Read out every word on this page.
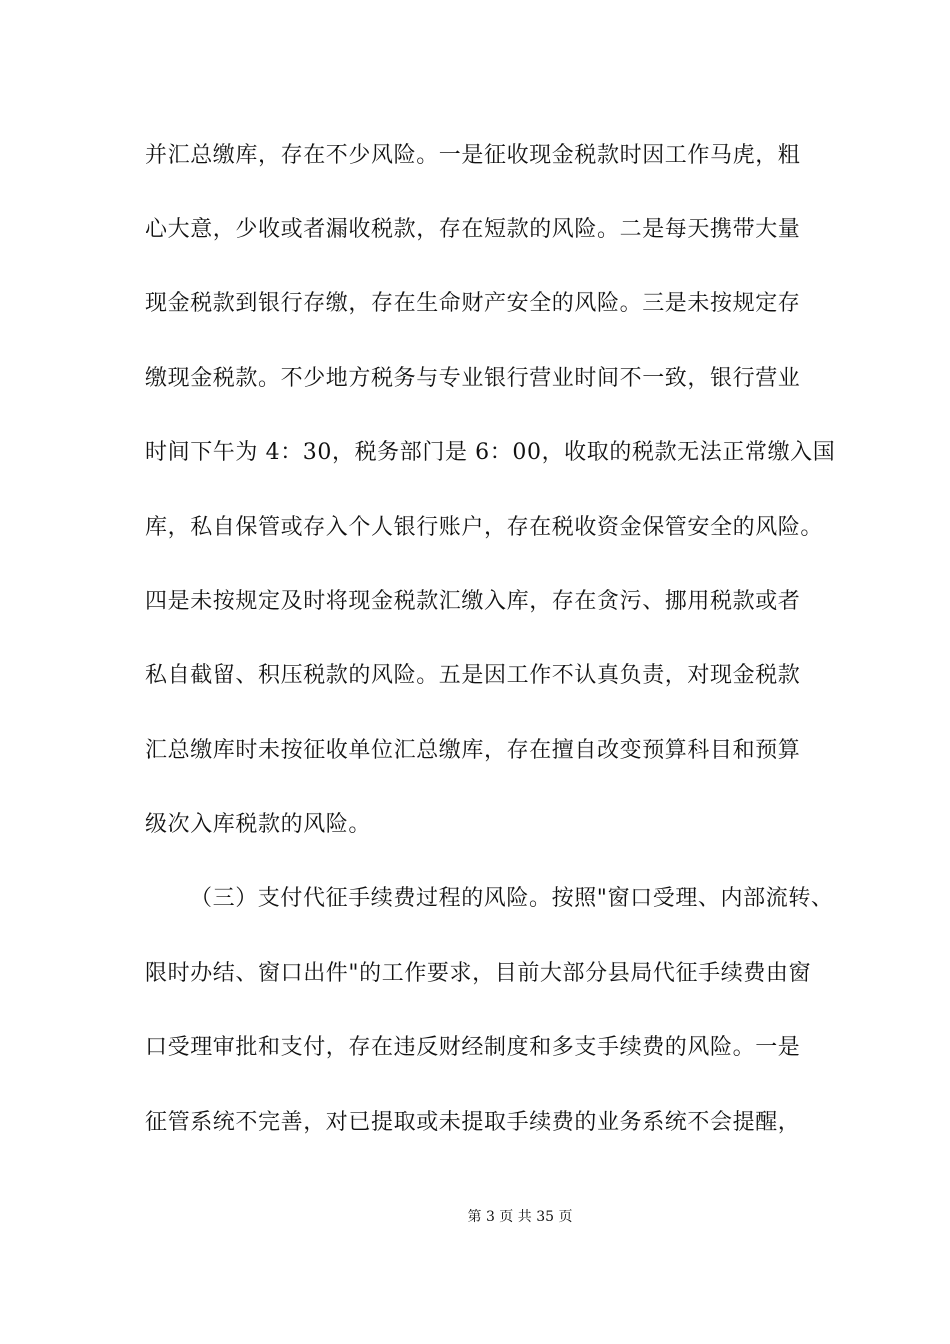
并汇总缴库，存在不少风险。一是征收现金税款时因工作马虎，粗
心大意，少收或者漏收税款，存在短款的风险。二是每天携带大量
现金税款到银行存缴，存在生命财产安全的风险。三是未按规定存
缴现金税款。不少地方税务与专业银行营业时间不一致，银行营业
时间下午为 4：30，税务部门是 6：00，收取的税款无法正常缴入国
库，私自保管或存入个人银行账户，存在税收资金保管安全的风险。
四是未按规定及时将现金税款汇缴入库，存在贪污、挪用税款或者
私自截留、积压税款的风险。五是因工作不认真负责，对现金税款
汇总缴库时未按征收单位汇总缴库，存在擅自改变预算科目和预算
级次入库税款的风险。
（三）支付代征手续费过程的风险。按照"窗口受理、内部流转、
限时办结、窗口出件"的工作要求，目前大部分县局代征手续费由窗
口受理审批和支付，存在违反财经制度和多支手续费的风险。一是
征管系统不完善，对已提取或未提取手续费的业务系统不会提醒，
第 3 页 共 35 页
